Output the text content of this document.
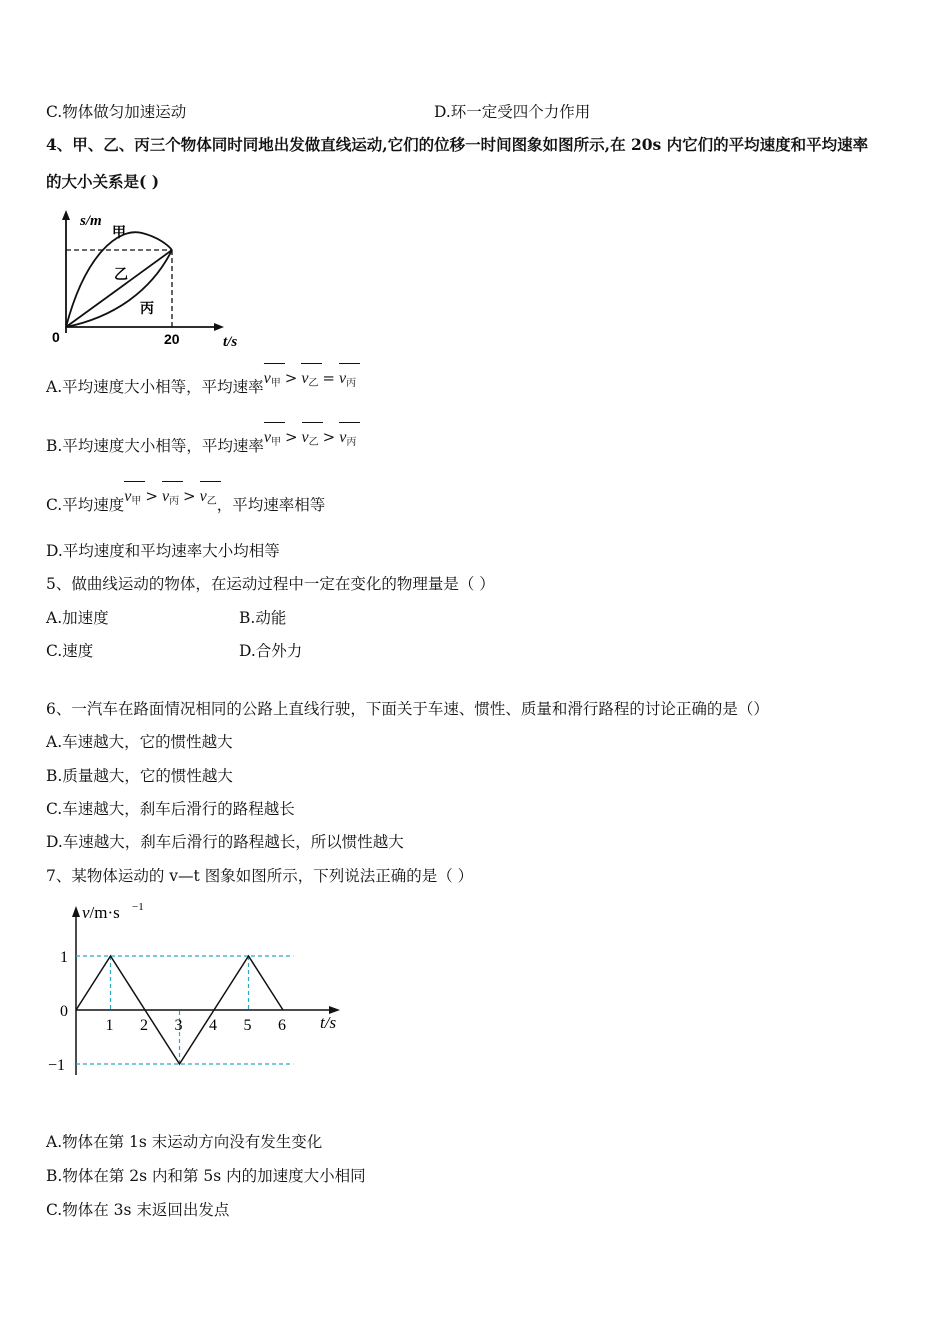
C.物体做匀加速运动	D.环一定受四个力作用
4、甲、乙、丙三个物体同时同地出发做直线运动,它们的位移一时间图象如图所示,在 20s 内它们的平均速度和平均速率
的大小关系是( )
s/m
t/s
0	20
甲
乙
丙
A.平均速度大小相等，平均速率$v_甲 > v_乙 = v_丙$
B.平均速度大小相等，平均速率$v_甲 > v_乙 > v_丙$
C.平均速度$v_甲 > v_丙 > v_乙$，平均速率相等
D.平均速度和平均速率大小均相等
5、做曲线运动的物体，在运动过程中一定在变化的物理量是（ ）
A.加速度	B.动能
C.速度	D.合外力
6、一汽车在路面情况相同的公路上直线行驶，下面关于车速、惯性、质量和滑行路程的讨论正确的是（）
A.车速越大，它的惯性越大
B.质量越大，它的惯性越大
C.车速越大，刹车后滑行的路程越长
D.车速越大，刹车后滑行的路程越长，所以惯性越大
7、某物体运动的 v—t 图象如图所示，下列说法正确的是（ ）
v/m·s −1
t/s
0
1
−1
1 2 3 4 5 6
A.物体在第 1s 末运动方向没有发生变化
B.物体在第 2s 内和第 5s 内的加速度大小相同
C.物体在 3s 末返回出发点
